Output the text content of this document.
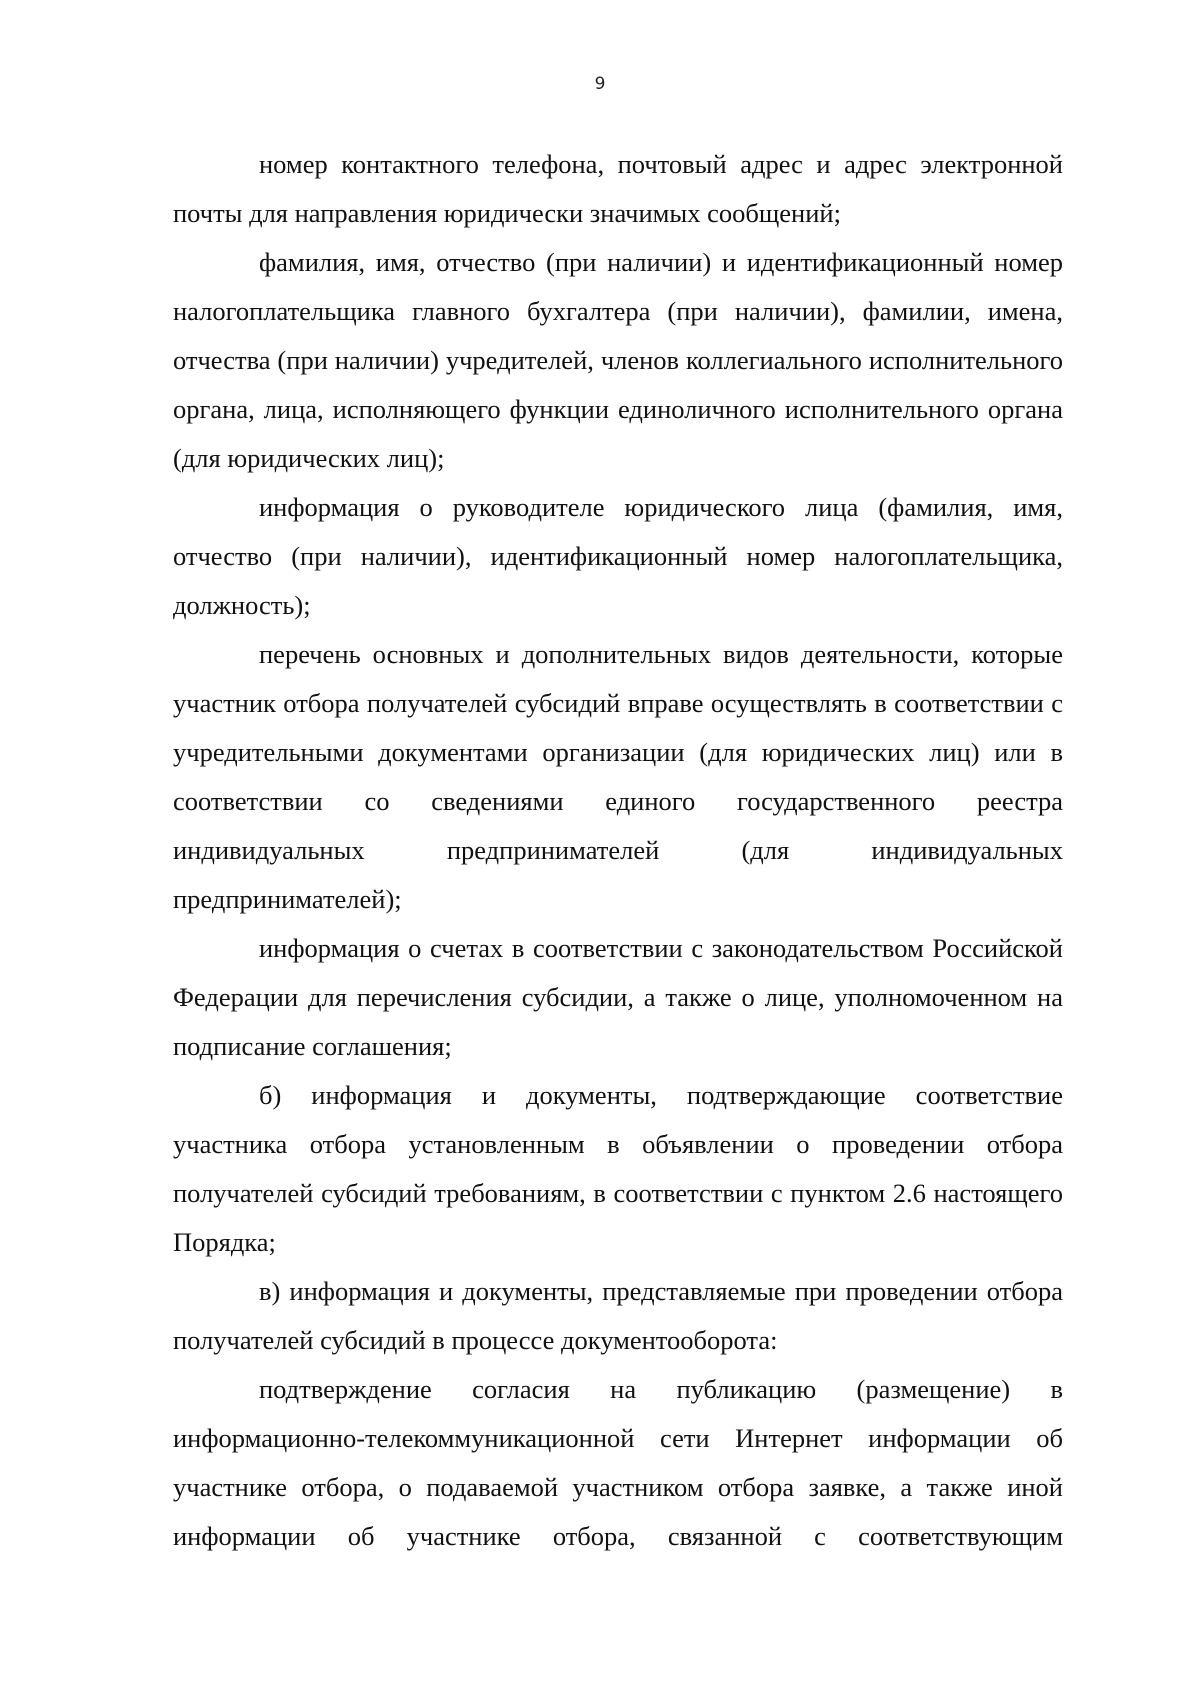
9

номер контактного телефона, почтовый адрес и адрес электронной почты для направления юридически значимых сообщений;

фамилия, имя, отчество (при наличии) и идентификационный номер налогоплательщика главного бухгалтера (при наличии), фамилии, имена, отчества (при наличии) учредителей, членов коллегиального исполнительного органа, лица, исполняющего функции единоличного исполнительного органа (для юридических лиц);

информация о руководителе юридического лица (фамилия, имя, отчество (при наличии), идентификационный номер налогоплательщика, должность);

перечень основных и дополнительных видов деятельности, которые участник отбора получателей субсидий вправе осуществлять в соответствии с учредительными документами организации (для юридических лиц) или в соответствии со сведениями единого государственного реестра индивидуальных предпринимателей (для индивидуальных предпринимателей);

информация о счетах в соответствии с законодательством Российской Федерации для перечисления субсидии, а также о лице, уполномоченном на подписание соглашения;

б) информация и документы, подтверждающие соответствие участника отбора установленным в объявлении о проведении отбора получателей субсидий требованиям, в соответствии с пунктом 2.6 настоящего Порядка;

в) информация и документы, представляемые при проведении отбора получателей субсидий в процессе документооборота:

подтверждение согласия на публикацию (размещение) в информационно-телекоммуникационной сети Интернет информации об участнике отбора, о подаваемой участником отбора заявке, а также иной информации об участнике отбора, связанной с соответствующим
